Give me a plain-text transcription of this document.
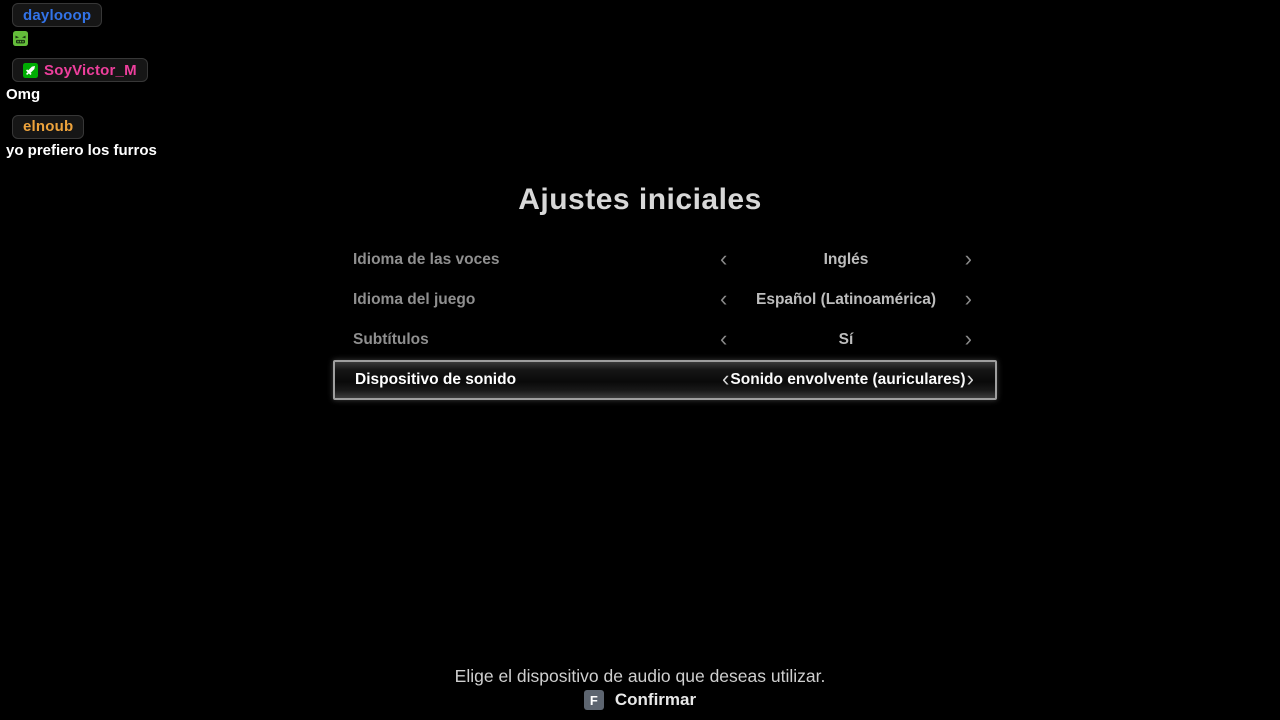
daylooop
SoyVictor_M
Omg
elnoub
yo prefiero los furros
Ajustes iniciales
Idioma de las voces	‹	Inglés	›
Idioma del juego	‹	Español (Latinoamérica)	›
Subtítulos	‹	Sí	›
Dispositivo de sonido	‹ Sonido envolvente (auriculares) ›
Elige el dispositivo de audio que deseas utilizar.
F	Confirmar
